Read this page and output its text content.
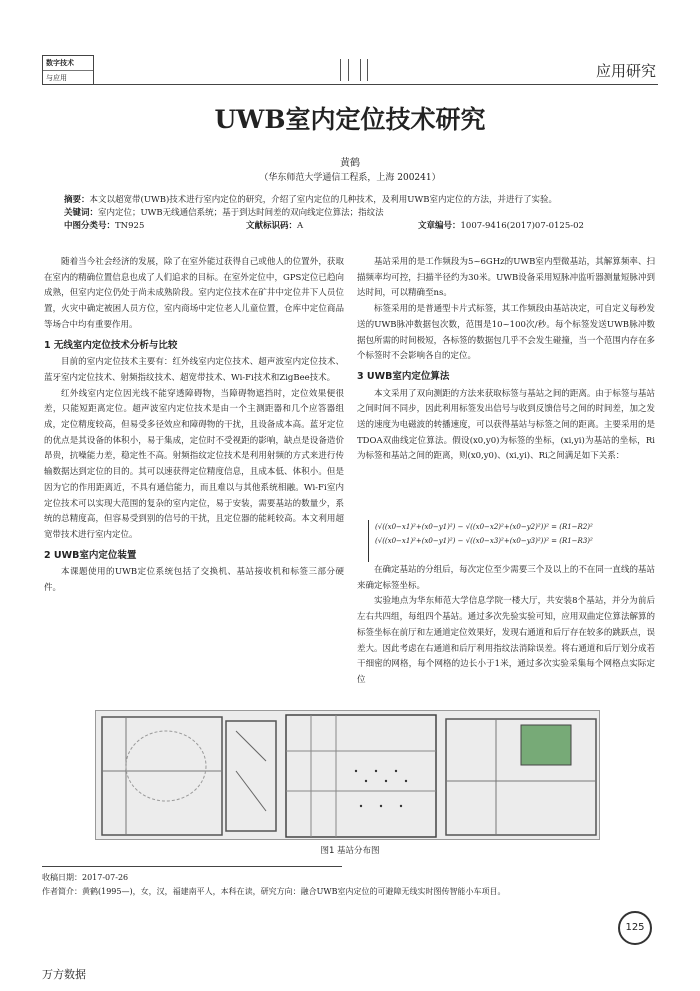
数字技术
与应用	应用研究
UWB室内定位技术研究
黄鹤
（华东师范大学通信工程系，上海 200241）
摘要：本文以超宽带(UWB)技术进行室内定位的研究，介绍了室内定位的几种技术，及利用UWB室内定位的方法，并进行了实验。
关键词：室内定位；UWB无线通信系统；基于到达时间差的双向线定位算法；指纹法
中图分类号：TN925	文献标识码：A	文章编号：1007-9416(2017)07-0125-02

随着当今社会经济的发展，除了在室外能过获得自己或他人的位置外，获取在室内的精确位置信息也成了人们追求的目标。在室外定位中，GPS定位已趋向成熟，但室内定位仍处于尚未成熟阶段。室内定位技术在矿井中定位井下人员位置，火灾中确定被困人员方位，室内商场中定位老人儿童位置，仓库中定位商品等场合中均有重要作用。

1 无线室内定位技术分析与比较

目前的室内定位技术主要有：红外线室内定位技术、超声波室内定位技术、蓝牙室内定位技术、射频指纹技术、超宽带技术、Wi-Fi技术和ZigBee技术。

红外线室内定位因光线不能穿透障碍物，当障碍物遮挡时，定位效果便很差，只能短距离定位。超声波室内定位技术是由一个主测距器和几个应答器组成，定位精度较高，但易受多径效应和障碍物的干扰，且设备成本高。蓝牙定位的优点是其设备的体积小，易于集成，定位时不受视距的影响，缺点是设备造价昂贵，抗噪能力差，稳定性不高。射频指纹定位技术是利用射频的方式来进行传输数据达到定位的目的。其可以速获得定位精度信息，且成本低、体积小。但是因为它的作用距离近，不具有通信能力，而且难以与其他系统相融。Wi-Fi室内定位技术可以实现大范围的复杂的室内定位，易于安装，需要基站的数量少，系统的总精度高，但容易受到别的信号的干扰，且定位器的能耗较高。本文利用超宽带技术进行室内定位。

2 UWB室内定位装置

本课题使用的UWB定位系统包括了交换机、基站接收机和标签三部分硬件。

基站采用的是工作频段为5~6GHz的UWB室内型微基站，其解算频率、扫描频率均可控，扫描半径约为30米。UWB设备采用短脉冲监听器测量短脉冲到达时间，可以精确至ns。

标签采用的是普通型卡片式标签，其工作频段由基站决定，可自定义每秒发送的UWB脉冲数据包次数，范围是10~100次/秒。每个标签发送UWB脉冲数据包所需的时间极短，各标签的数据包几乎不会发生碰撞，当一个范围内存在多个标签时不会影响各自的定位。

3 UWB室内定位算法

本文采用了双向测距的方法来获取标签与基站之间的距离。由于标签与基站之间时间不同步，因此利用标签发出信号与收到反馈信号之间的时间差，加之发送的速度为电磁波的转播速度，可以获得基站与标签之间的距离。主要采用的是TDOA双曲线定位算法。假设(x0,y0)为标签的坐标，(xi,yi)为基站的坐标，Ri为标签和基站之间的距离，则(x0,y0)、(xi,yi)、Ri之间满足如下关系：

(√((x0−x1)²+(x0−y1)²) − √((x0−x2)²+(x0−y2)²))² = (R1−R2)²
(√((x0−x1)²+(x0−y1)²) − √((x0−x3)²+(x0−y3)²))² = (R1−R3)²

在确定基站的分组后，每次定位至少需要三个及以上的不在同一直线的基站来确定标签坐标。

实验地点为华东师范大学信息学院一楼大厅，共安装8个基站，并分为前后左右共四组，每组四个基站。通过多次先验实验可知，应用双曲定位算法解算的标签坐标在前厅和左通道定位效果好，发现右通道和后厅存在较多的跳跃点，误差大。因此考虑在右通道和后厅利用指纹法消除误差。将右通道和后厅划分成若干细密的网格，每个网格的边长小于1米，通过多次实验采集每个网格点实际定位

图1 基站分布图
收稿日期：2017-07-26
作者简介：黄鹤(1995—)，女，汉，福建南平人，本科在读，研究方向：融合UWB室内定位的可避障无线实时图传智能小车项目。
125
万方数据
